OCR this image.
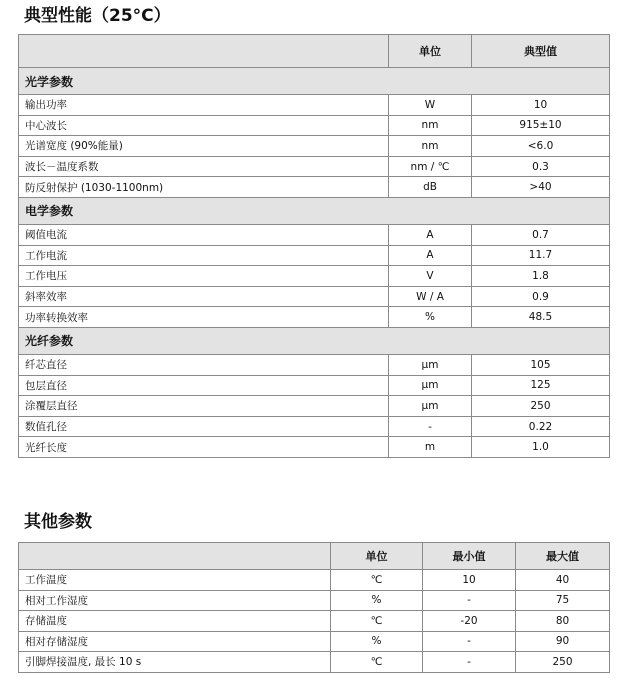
典型性能（25°C）
	单位	典型值
光学参数		
输出功率	W	10
中心波长	nm	915±10
光谱宽度 (90%能量)	nm	<6.0
波长－温度系数	nm / ℃	0.3
防反射保护 (1030-1100nm)	dB	>40
电学参数		
阈值电流	A	0.7
工作电流	A	11.7
工作电压	V	1.8
斜率效率	W / A	0.9
功率转换效率	%	48.5
光纤参数		
纤芯直径	μm	105
包层直径	μm	125
涂覆层直径	μm	250
数值孔径	-	0.22
光纤长度	m	1.0
其他参数
	单位	最小值	最大值
工作温度	℃	10	40
相对工作湿度	%	-	75
存储温度	℃	-20	80
相对存储湿度	%	-	90
引脚焊接温度, 最长 10 s	℃	-	250
